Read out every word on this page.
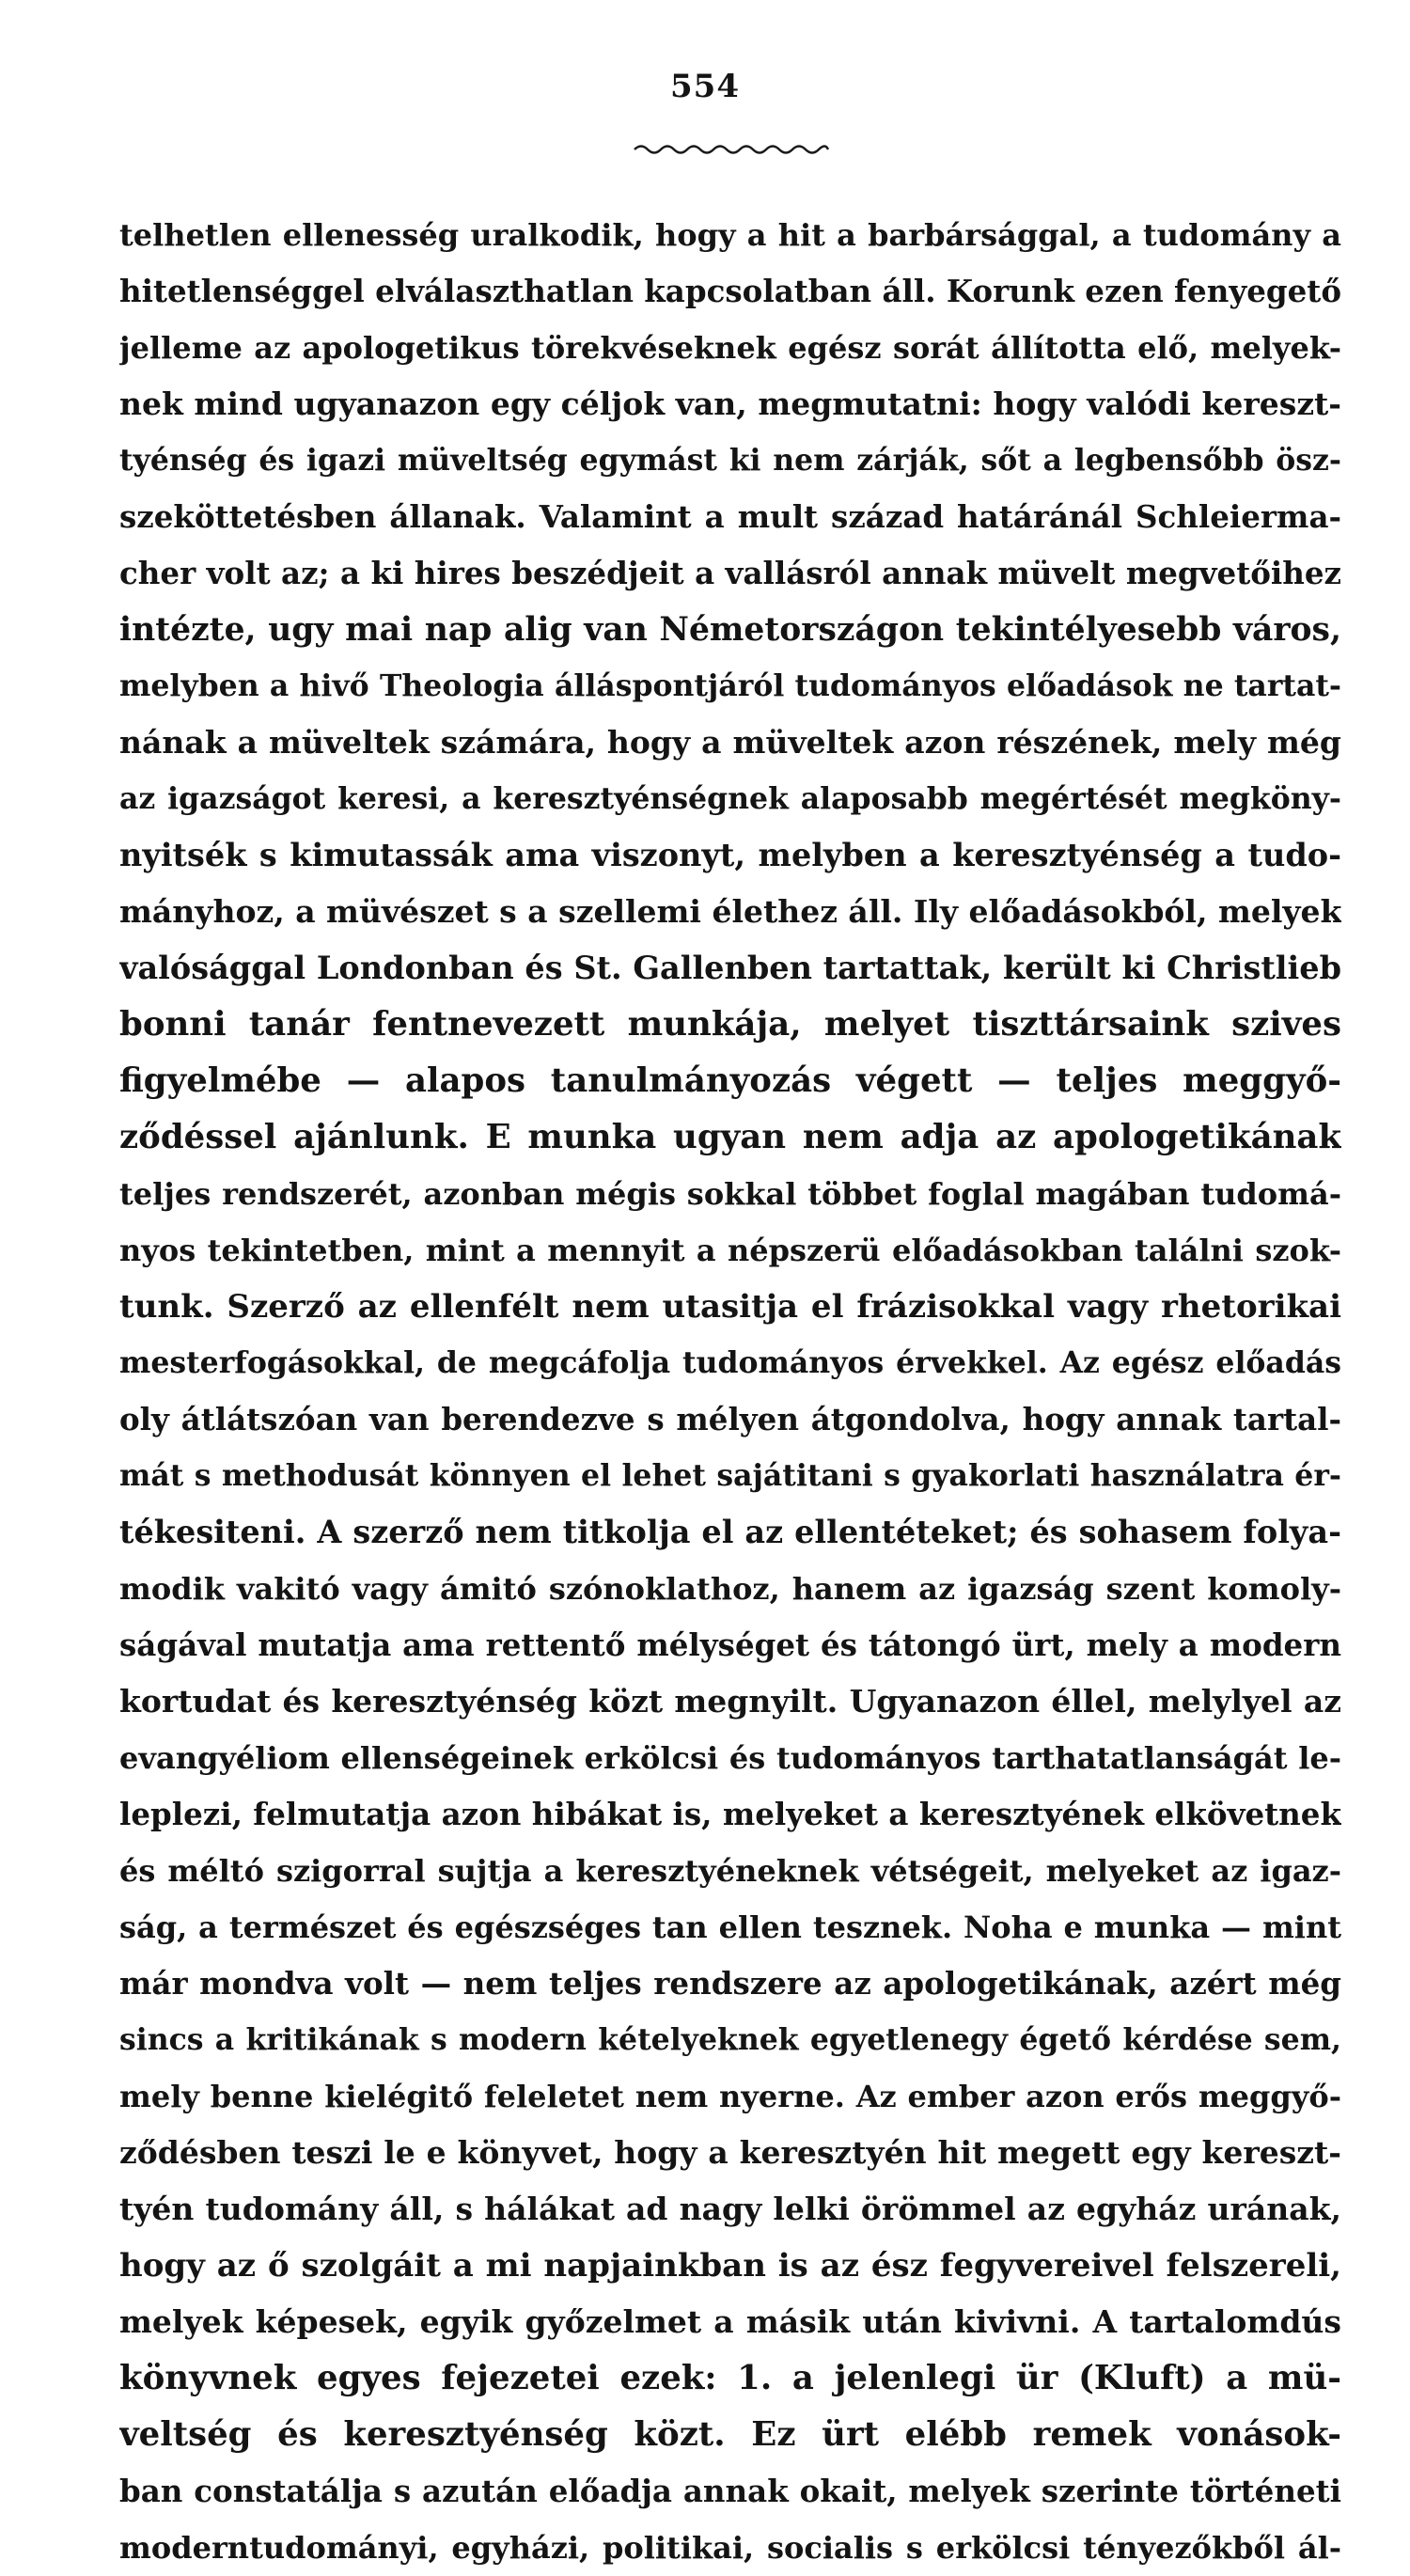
554
telhetlen ellenesség uralkodik, hogy a hit a barbársággal, a tudomány a
hitetlenséggel elválaszthatlan kapcsolatban áll. Korunk ezen fenyegető
jelleme az apologetikus törekvéseknek egész sorát állította elő, melyek-
nek mind ugyanazon egy céljok van, megmutatni: hogy valódi kereszt-
tyénség és igazi müveltség egymást ki nem zárják, sőt a legbensőbb ösz-
szeköttetésben állanak. Valamint a mult század határánál Schleierma-
cher volt az; a ki hires beszédjeit a vallásról annak müvelt megvetőihez
intézte, ugy mai nap alig van Németországon tekintélyesebb város,
melyben a hivő Theologia álláspontjáról tudományos előadások ne tartat-
nának a müveltek számára, hogy a müveltek azon részének, mely még
az igazságot keresi, a keresztyénségnek alaposabb megértését megköny-
nyitsék s kimutassák ama viszonyt, melyben a keresztyénség a tudo-
mányhoz, a müvészet s a szellemi élethez áll. Ily előadásokból, melyek
valósággal Londonban és St. Gallenben tartattak, került ki Christlieb
bonni tanár fentnevezett munkája, melyet tiszttársaink szives
figyelmébe — alapos tanulmányozás végett — teljes meggyő-
ződéssel ajánlunk. E munka ugyan nem adja az apologetikának
teljes rendszerét, azonban mégis sokkal többet foglal magában tudomá-
nyos tekintetben, mint a mennyit a népszerü előadásokban találni szok-
tunk. Szerző az ellenfélt nem utasitja el frázisokkal vagy rhetorikai
mesterfogásokkal, de megcáfolja tudományos érvekkel. Az egész előadás
oly átlátszóan van berendezve s mélyen átgondolva, hogy annak tartal-
mát s methodusát könnyen el lehet sajátitani s gyakorlati használatra ér-
tékesiteni. A szerző nem titkolja el az ellentéteket; és sohasem folya-
modik vakitó vagy ámitó szónoklathoz, hanem az igazság szent komoly-
ságával mutatja ama rettentő mélységet és tátongó ürt, mely a modern
kortudat és keresztyénség közt megnyilt. Ugyanazon éllel, melylyel az
evangyéliom ellenségeinek erkölcsi és tudományos tarthatatlanságát le-
leplezi, felmutatja azon hibákat is, melyeket a keresztyének elkövetnek
és méltó szigorral sujtja a keresztyéneknek vétségeit, melyeket az igaz-
ság, a természet és egészséges tan ellen tesznek. Noha e munka — mint
már mondva volt — nem teljes rendszere az apologetikának, azért még
sincs a kritikának s modern kételyeknek egyetlenegy égető kérdése sem,
mely benne kielégitő feleletet nem nyerne. Az ember azon erős meggyő-
ződésben teszi le e könyvet, hogy a keresztyén hit megett egy kereszt-
tyén tudomány áll, s hálákat ad nagy lelki örömmel az egyház urának,
hogy az ő szolgáit a mi napjainkban is az ész fegyvereivel felszereli,
melyek képesek, egyik győzelmet a másik után kivivni. A tartalomdús
könyvnek egyes fejezetei ezek: 1. a jelenlegi ür (Kluft) a mü-
veltség és keresztyénség közt. Ez ürt elébb remek vonások-
ban constatálja s azután előadja annak okait, melyek szerinte történeti
moderntudományi, egyházi, politikai, socialis s erkölcsi tényezőkből ál-
